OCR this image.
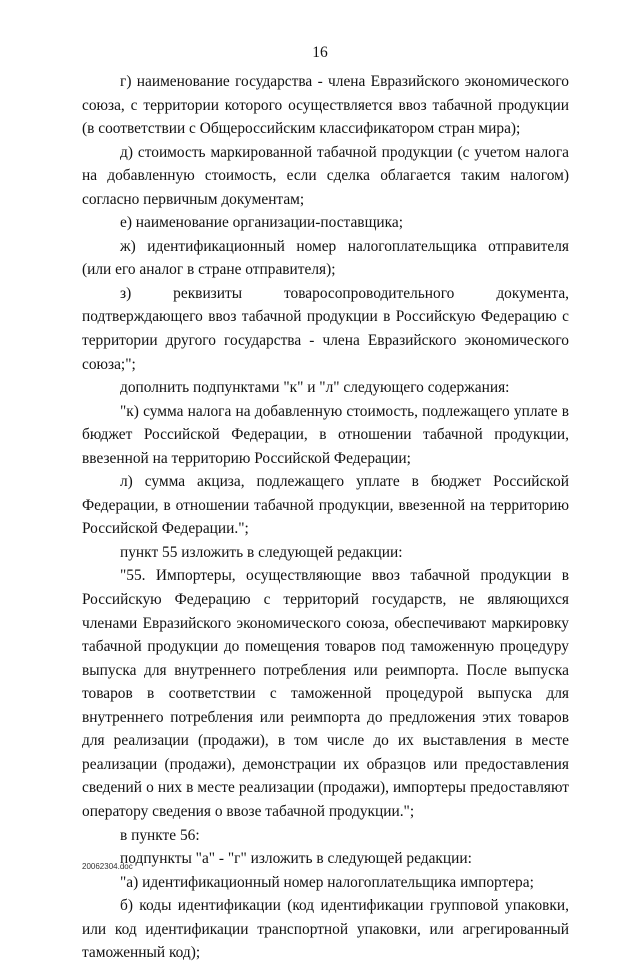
16

г) наименование государства - члена Евразийского экономического союза, с территории которого осуществляется ввоз табачной продукции (в соответствии с Общероссийским классификатором стран мира);

д) стоимость маркированной табачной продукции (с учетом налога на добавленную стоимость, если сделка облагается таким налогом) согласно первичным документам;

е) наименование организации-поставщика;

ж) идентификационный номер налогоплательщика отправителя (или его аналог в стране отправителя);

з) реквизиты товаросопроводительного документа, подтверждающего ввоз табачной продукции в Российскую Федерацию с территории другого государства - члена Евразийского экономического союза;";

дополнить подпунктами "к" и "л" следующего содержания:

"к) сумма налога на добавленную стоимость, подлежащего уплате в бюджет Российской Федерации, в отношении табачной продукции, ввезенной на территорию Российской Федерации;

л) сумма акциза, подлежащего уплате в бюджет Российской Федерации, в отношении табачной продукции, ввезенной на территорию Российской Федерации.";

пункт 55 изложить в следующей редакции:

"55. Импортеры, осуществляющие ввоз табачной продукции в Российскую Федерацию с территорий государств, не являющихся членами Евразийского экономического союза, обеспечивают маркировку табачной продукции до помещения товаров под таможенную процедуру выпуска для внутреннего потребления или реимпорта. После выпуска товаров в соответствии с таможенной процедурой выпуска для внутреннего потребления или реимпорта до предложения этих товаров для реализации (продажи), в том числе до их выставления в месте реализации (продажи), демонстрации их образцов или предоставления сведений о них в месте реализации (продажи), импортеры предоставляют оператору сведения о ввозе табачной продукции.";

в пункте 56:

подпункты "а" - "г" изложить в следующей редакции:

"а) идентификационный номер налогоплательщика импортера;

б) коды идентификации (код идентификации групповой упаковки, или код идентификации транспортной упаковки, или агрегированный таможенный код);

20062304.doc
